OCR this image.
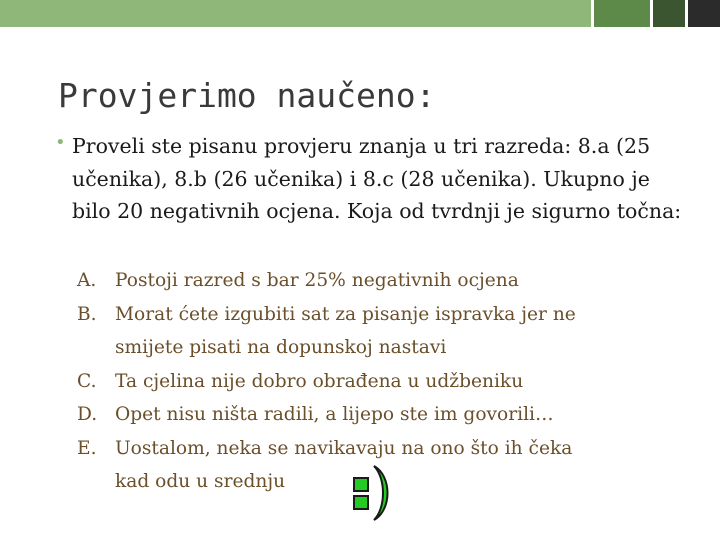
Provjerimo naučeno:
• Proveli ste pisanu provjeru znanja u tri razreda: 8.a (25 učenika), 8.b (26 učenika) i 8.c (28 učenika). Ukupno je bilo 20 negativnih ocjena. Koja od tvrdnji je sigurno točna:
A. Postoji razred s bar 25% negativnih ocjena
B. Morat ćete izgubiti sat za pisanje ispravka jer ne
smijete pisati na dopunskoj nastavi
C. Ta cjelina nije dobro obrađena u udžbeniku
D. Opet nisu ništa radili, a lijepo ste im govorili…
E. Uostalom, neka se navikavaju na ono što ih čeka
kad odu u srednju
